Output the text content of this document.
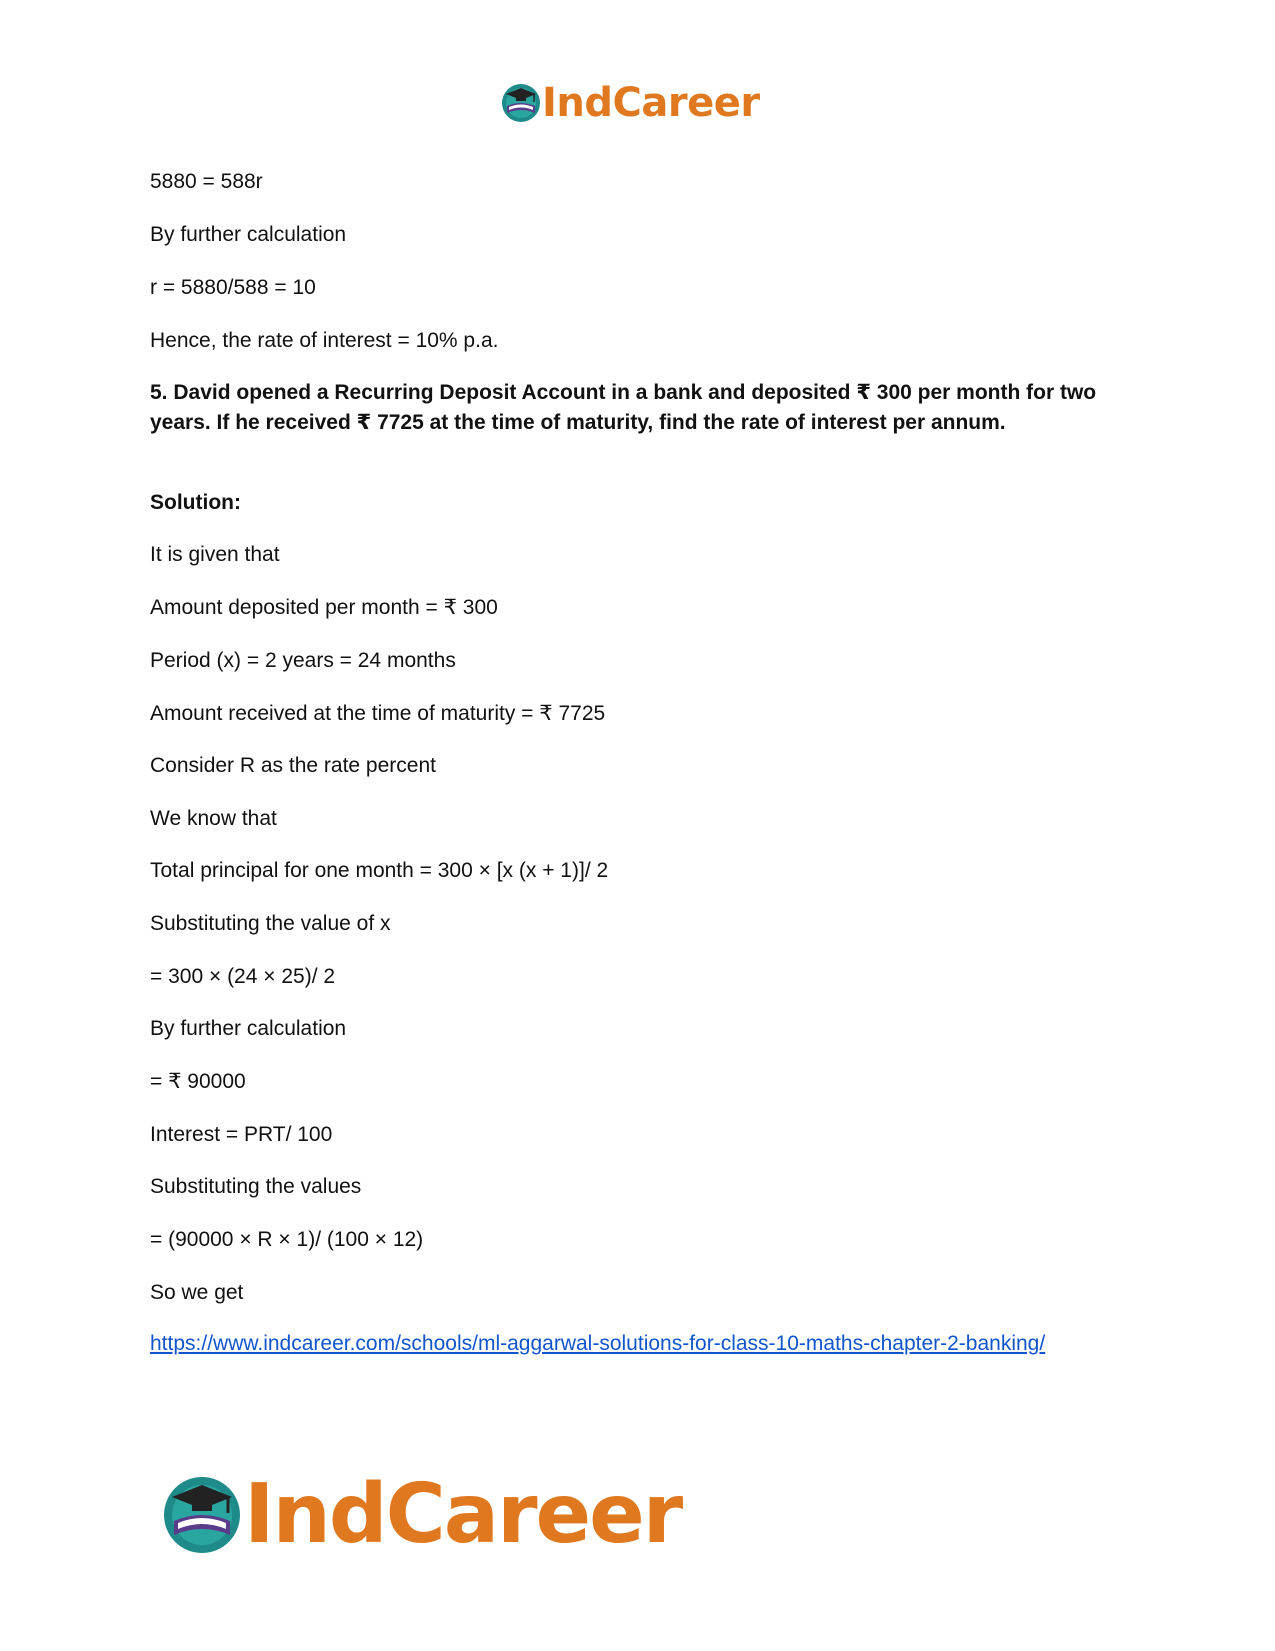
IndCareer
5880 = 588r
By further calculation
r = 5880/588 = 10
Hence, the rate of interest = 10% p.a.
5. David opened a Recurring Deposit Account in a bank and deposited ₹ 300 per month for two years. If he received ₹ 7725 at the time of maturity, find the rate of interest per annum.
Solution:
It is given that
Amount deposited per month = ₹ 300
Period (x) = 2 years = 24 months
Amount received at the time of maturity = ₹ 7725
Consider R as the rate percent
We know that
Total principal for one month = 300 × [x (x + 1)]/ 2
Substituting the value of x
= 300 × (24 × 25)/ 2
By further calculation
= ₹ 90000
Interest = PRT/ 100
Substituting the values
= (90000 × R × 1)/ (100 × 12)
So we get
https://www.indcareer.com/schools/ml-aggarwal-solutions-for-class-10-maths-chapter-2-banking/
IndCareer
